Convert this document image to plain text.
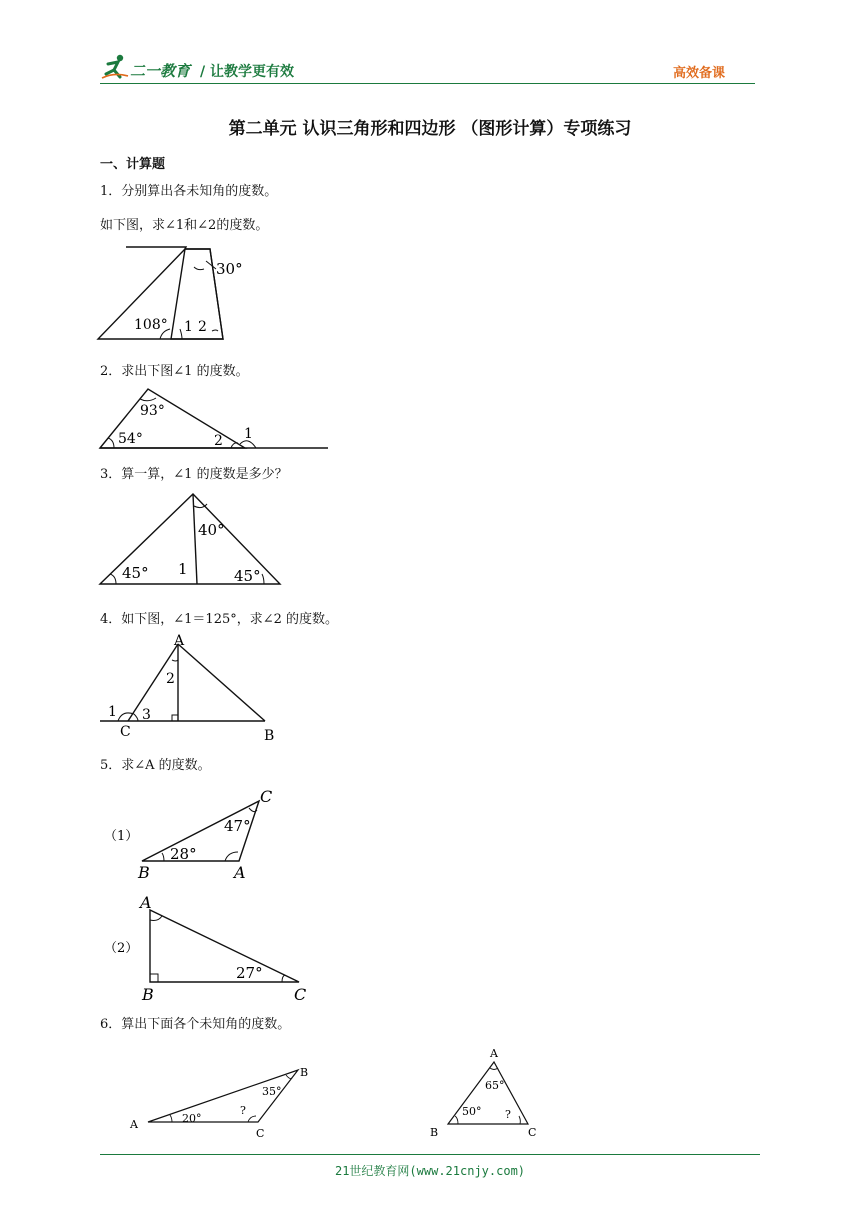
二一教育 / 让教学更有效	高效备课
第二单元 认识三角形和四边形 （图形计算）专项练习
一、计算题
1．分别算出各未知角的度数。
如下图，求∠1和∠2的度数。
30°
108° 1 2
2．求出下图∠1 的度数。
93°
54°	2 1
3．算一算，∠1 的度数是多少？
40°
45° 1	45°
4．如下图，∠1＝125°，求∠2 的度数。
A
2
1 3
C	B
5．求∠A 的度数。
（1）
C
47°
28°
B	A
A
（2）
27°
B	C
6．算出下面各个未知角的度数。
B
35°
?
A	20°
C
A
65°
50° ?
B	C
21世纪教育网(www.21cnjy.com)
